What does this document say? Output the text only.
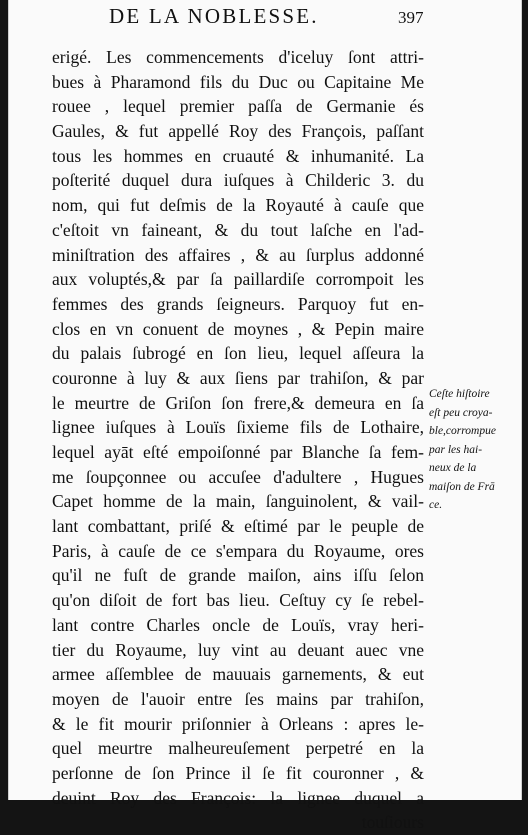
DE LA NOBLESSE.	397
erigé. Les commencements d'iceluy ſont attri-
bues à Pharamond fils du Duc ou Capitaine Me
rouee , lequel premier paſſa de Germanie és
Gaules, & fut appellé Roy des François, paſſant
tous les hommes en cruauté & inhumanité. La
poſterité duquel dura iuſques à Childeric 3. du
nom, qui fut deſmis de la Royauté à cauſe que
c'eſtoit vn faineant, & du tout laſche en l'ad-
miniſtration des affaires , & au ſurplus addonné
aux voluptés,& par ſa paillardiſe corrompoit les
femmes des grands ſeigneurs. Parquoy fut en-
clos en vn conuent de moynes , & Pepin maire
du palais ſubrogé en ſon lieu, lequel aſſeura la
couronne à luy & aux ſiens par trahiſon, & par
le meurtre de Griſon ſon frere,& demeura en ſa
lignee iuſques à Louïs ſixieme fils de Lothaire,
lequel ayāt eſté empoiſonné par Blanche ſa fem-
me ſoupçonnee ou accuſee d'adultere , Hugues
Capet homme de la main, ſanguinolent, & vail-
lant combattant, priſé & eſtimé par le peuple de
Paris, à cauſe de ce s'empara du Royaume, ores
qu'il ne fuſt de grande maiſon, ains iſſu ſelon
qu'on diſoit de fort bas lieu. Ceſtuy cy ſe rebel-
lant contre Charles oncle de Louïs, vray heri-
tier du Royaume, luy vint au deuant auec vne
armee aſſemblee de mauuais garnements, & eut
moyen de l'auoir entre ſes mains par trahiſon,
& le fit mourir priſonnier à Orleans : apres le-
quel meurtre malheureuſement perpetré en la
perſonne de ſon Prince il ſe fit couronner , &
deuint Roy des François: la lignee duquel a
touſiours
Ceſte hiſtoire
eſt peu croya-
ble,corrompue
par les hai-
neux de la
maiſon de Frā
ce.
